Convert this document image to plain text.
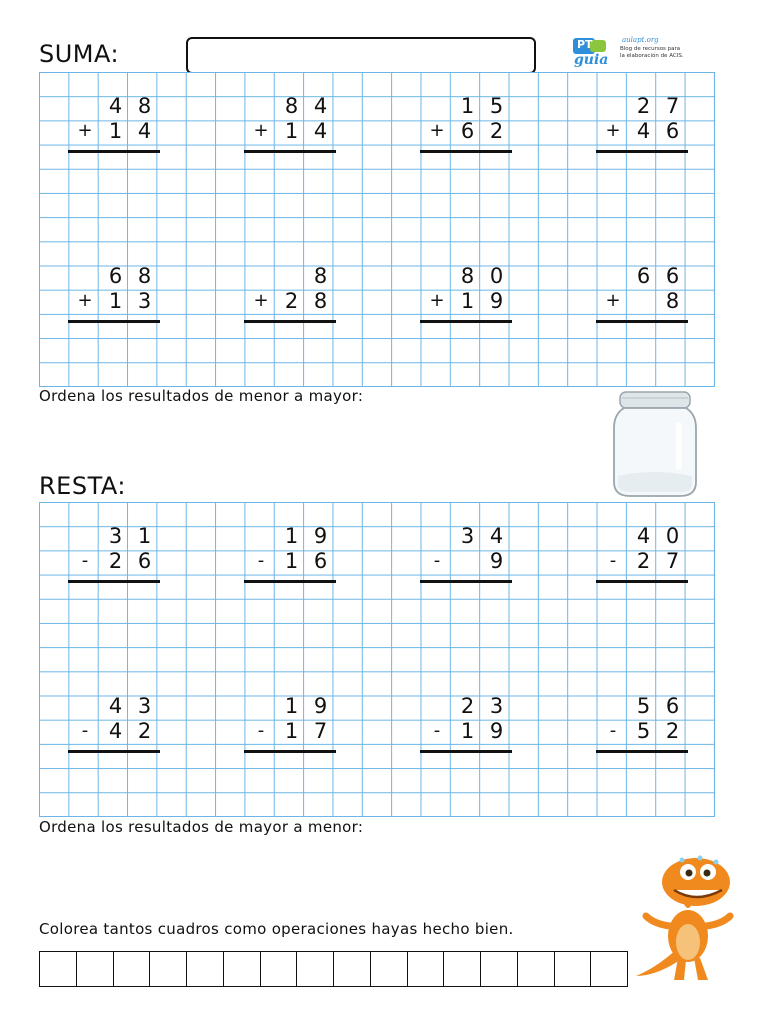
SUMA:	PT
guia
aulapt.org
Blog de recursos para la elaboración de ACIS.
4 8
+ 1 4
8 4
+ 1 4
1 5
+ 6 2
2 7
+ 4 6
6 8
+ 1 3
8
+ 2 8
8 0
+ 1 9
6 6
+	8
Ordena los resultados de menor a mayor:
RESTA:
3 1
- 2 6
1 9
- 1 6
3 4
-	9
4 0
- 2 7
4 3
- 4 2
1 9
- 1 7
2 3
- 1 9
5 6
- 5 2
Ordena los resultados de mayor a menor:
Colorea tantos cuadros como operaciones hayas hecho bien.
